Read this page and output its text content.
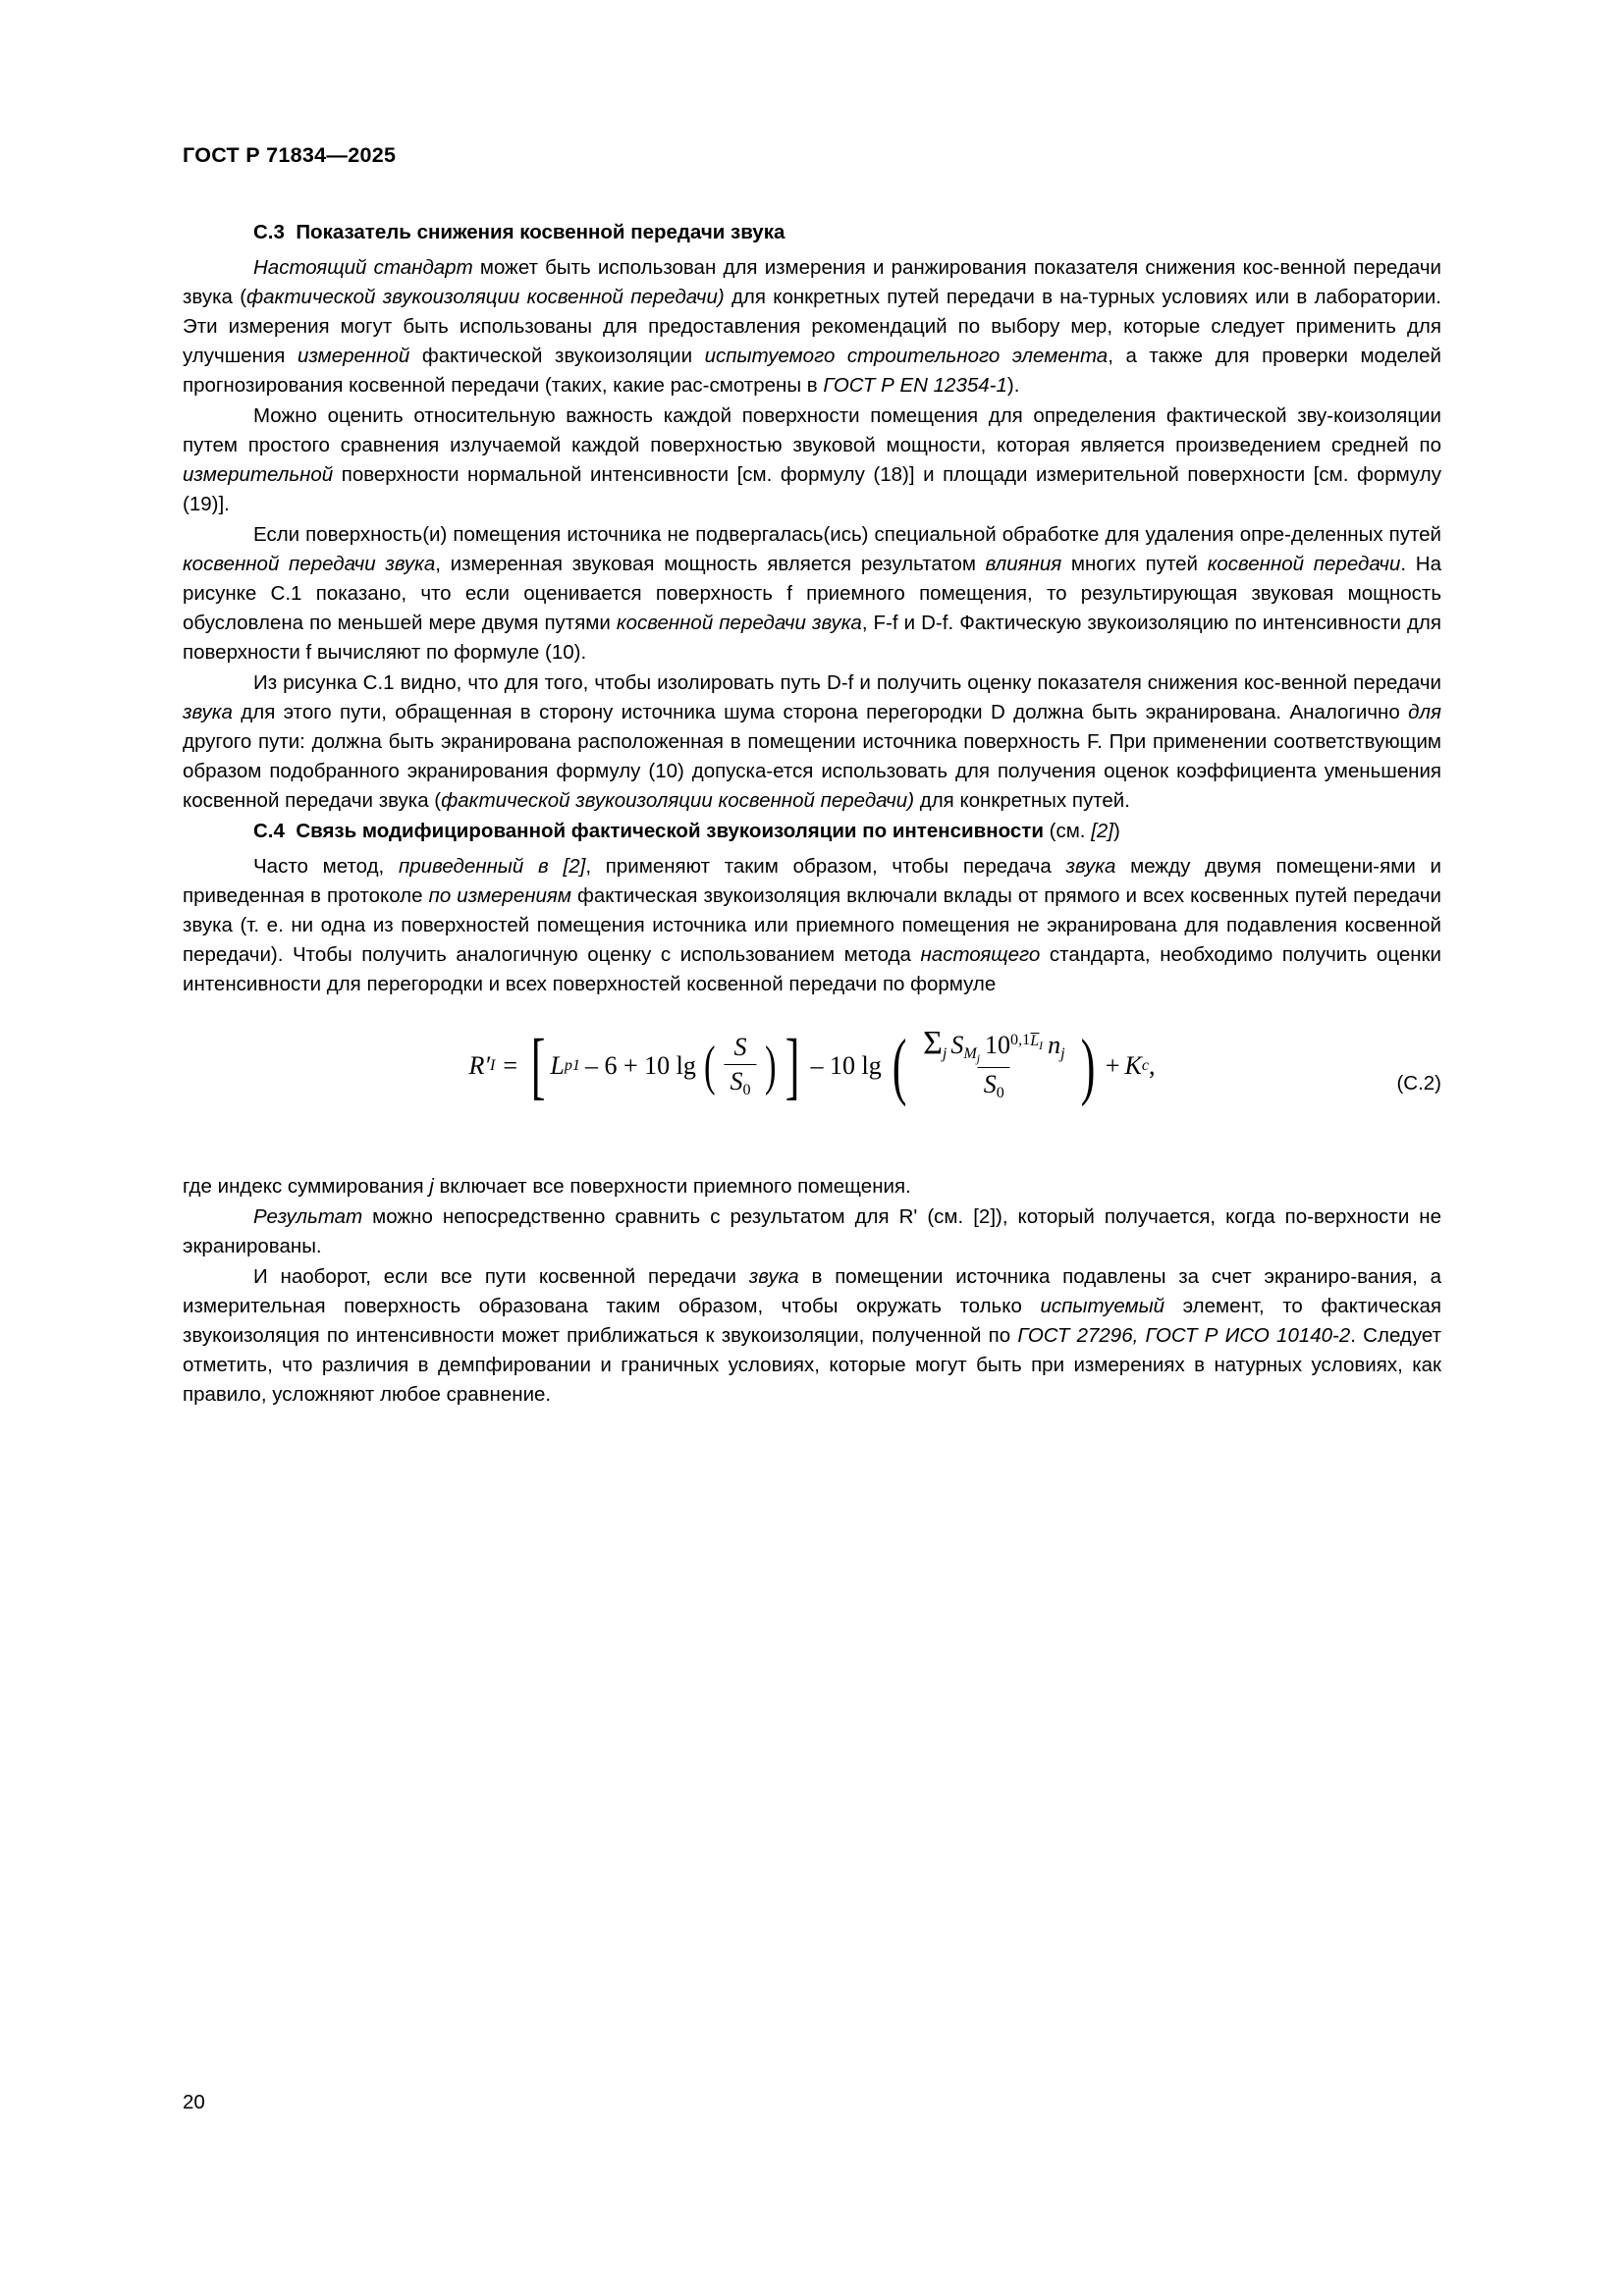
ГОСТ Р 71834—2025
С.3 Показатель снижения косвенной передачи звука

Настоящий стандарт может быть использован для измерения и ранжирования показателя снижения кос-венной передачи звука (фактической звукоизоляции косвенной передачи) для конкретных путей передачи в на-турных условиях или в лаборатории. Эти измерения могут быть использованы для предоставления рекомендаций по выбору мер, которые следует применить для улучшения измеренной фактической звукоизоляции испытуемого строительного элемента, а также для проверки моделей прогнозирования косвенной передачи (таких, какие рас-смотрены в ГОСТ Р EN 12354-1).

Можно оценить относительную важность каждой поверхности помещения для определения фактической зву-коизоляции путем простого сравнения излучаемой каждой поверхностью звуковой мощности, которая является произведением средней по измерительной поверхности нормальной интенсивности [см. формулу (18)] и площади измерительной поверхности [см. формулу (19)].

Если поверхность(и) помещения источника не подвергалась(ись) специальной обработке для удаления опре-деленных путей косвенной передачи звука, измеренная звуковая мощность является результатом влияния многих путей косвенной передачи. На рисунке С.1 показано, что если оценивается поверхность f приемного помещения, то результирующая звуковая мощность обусловлена по меньшей мере двумя путями косвенной передачи звука, F-f и D-f. Фактическую звукоизоляцию по интенсивности для поверхности f вычисляют по формуле (10).

Из рисунка С.1 видно, что для того, чтобы изолировать путь D-f и получить оценку показателя снижения кос-венной передачи звука для этого пути, обращенная в сторону источника шума сторона перегородки D должна быть экранирована. Аналогично для другого пути: должна быть экранирована расположенная в помещении источника поверхность F. При применении соответствующим образом подобранного экранирования формулу (10) допуска-ется использовать для получения оценок коэффициента уменьшения косвенной передачи звука (фактической звукоизоляции косвенной передачи) для конкретных путей.

С.4 Связь модифицированной фактической звукоизоляции по интенсивности (см. [2])

Часто метод, приведенный в [2], применяют таким образом, чтобы передача звука между двумя помещени-ями и приведенная в протоколе по измерениям фактическая звукоизоляция включали вклады от прямого и всех косвенных путей передачи звука (т. е. ни одна из поверхностей помещения источника или приемного помещения не экранирована для подавления косвенной передачи). Чтобы получить аналогичную оценку с использованием метода настоящего стандарта, необходимо получить оценки интенсивности для перегородки и всех поверхностей косвенной передачи по формуле

R ′ I = [ L p1 – 6 + 10 lg ( $\frac{S}{S_0}$ ) ] – 10 lg ( $\frac{\Sigma_j S_{Mj} 10^{0,1}LI n_j}{S_0}$ ) + K c ,
(С.2)

где индекс суммирования j включает все поверхности приемного помещения.

Результат можно непосредственно сравнить с результатом для R' (см. [2]), который получается, когда по-верхности не экранированы.

И наоборот, если все пути косвенной передачи звука в помещении источника подавлены за счет экраниро-вания, а измерительная поверхность образована таким образом, чтобы окружать только испытуемый элемент, то фактическая звукоизоляция по интенсивности может приближаться к звукоизоляции, полученной по ГОСТ 27296, ГОСТ Р ИСО 10140-2. Следует отметить, что различия в демпфировании и граничных условиях, которые могут быть при измерениях в натурных условиях, как правило, усложняют любое сравнение.

20
